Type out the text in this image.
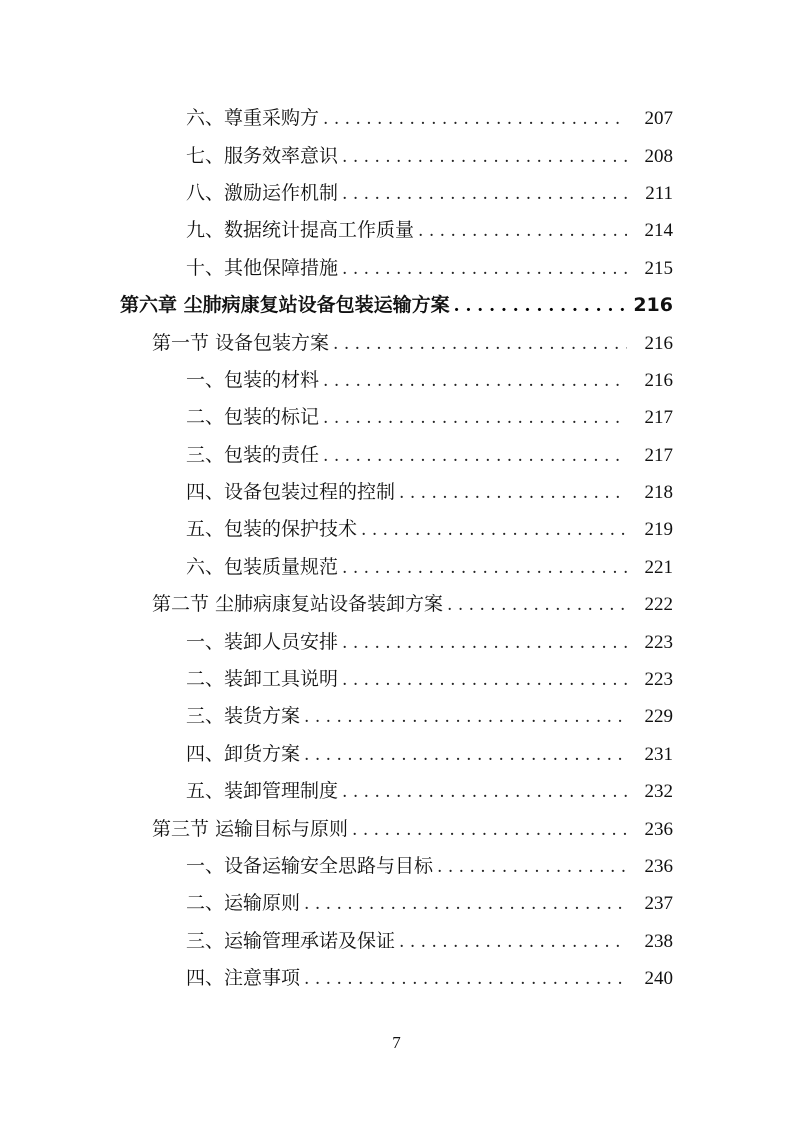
六、尊重采购方 . . .	207
七、服务效率意识 . . .	208
八、激励运作机制 . . .	211
九、数据统计提高工作质量 . . .	214
十、其他保障措施 . . .	215
第六章 尘肺病康复站设备包装运输方案 . . .	216
第一节 设备包装方案 . . .	216
一、包装的材料 . . .	216
二、包装的标记 . . .	217
三、包装的责任 . . .	217
四、设备包装过程的控制 . . .	218
五、包装的保护技术 . . .	219
六、包装质量规范 . . .	221
第二节 尘肺病康复站设备装卸方案 . . .	222
一、装卸人员安排 . . .	223
二、装卸工具说明 . . .	223
三、装货方案 . . .	229
四、卸货方案 . . .	231
五、装卸管理制度 . . .	232
第三节 运输目标与原则 . . .	236
一、设备运输安全思路与目标 . . .	236
二、运输原则 . . .	237
三、运输管理承诺及保证 . . .	238
四、注意事项 . . .	240
7
